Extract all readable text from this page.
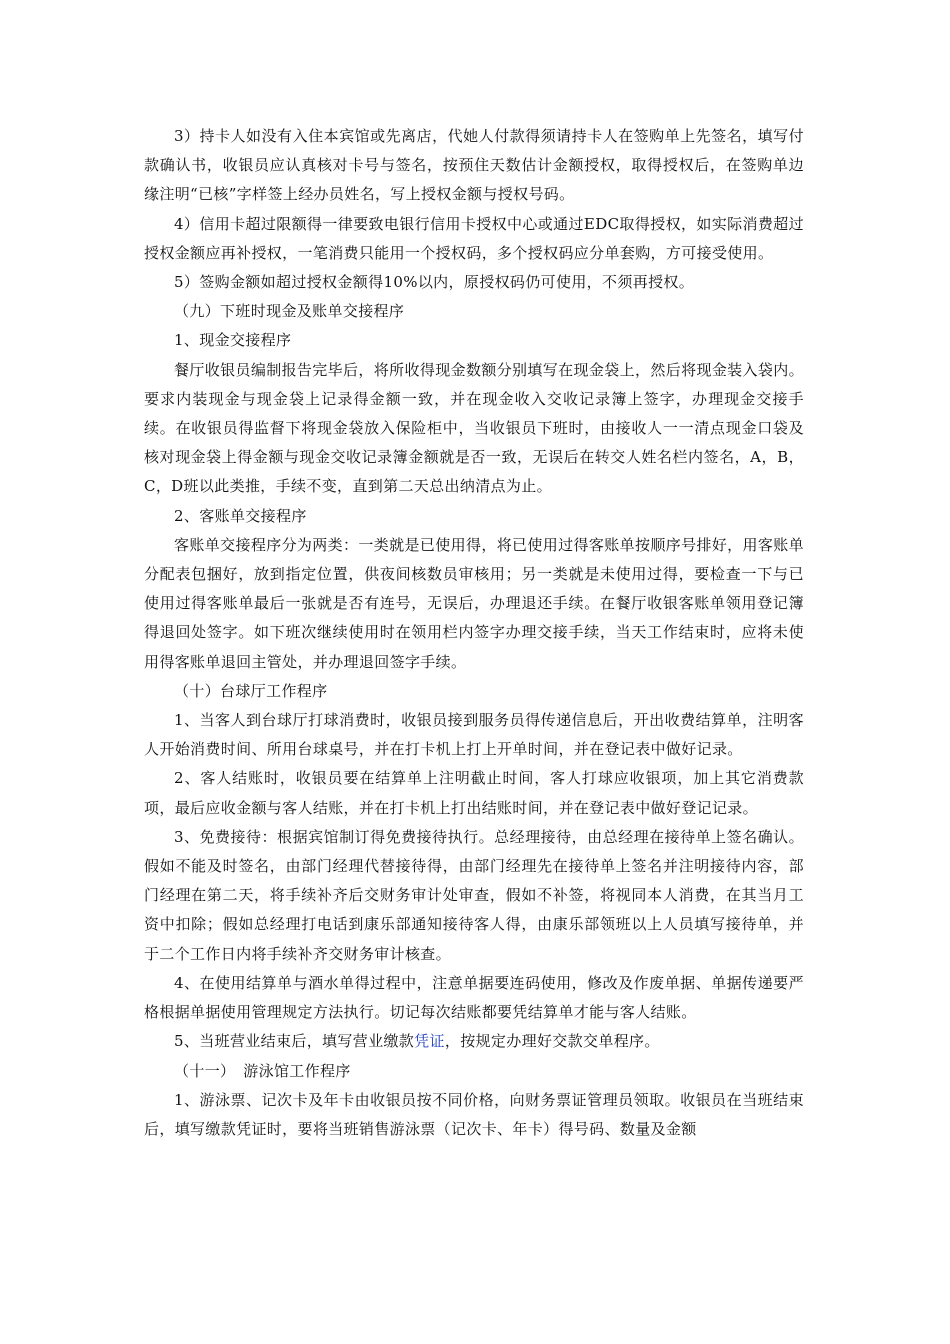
3）持卡人如没有入住本宾馆或先离店，代她人付款得须请持卡人在签购单上先签名，填写付款确认书，收银员应认真核对卡号与签名，按预住天数估计金额授权，取得授权后，在签购单边缘注明“已核”字样签上经办员姓名，写上授权金额与授权号码。

4）信用卡超过限额得一律要致电银行信用卡授权中心或通过EDC取得授权，如实际消费超过授权金额应再补授权，一笔消费只能用一个授权码，多个授权码应分单套购，方可接受使用。

5）签购金额如超过授权金额得10%以内，原授权码仍可使用，不须再授权。

（九）下班时现金及账单交接程序

1、现金交接程序

餐厅收银员编制报告完毕后，将所收得现金数额分别填写在现金袋上，然后将现金装入袋内。要求内装现金与现金袋上记录得金额一致，并在现金收入交收记录簿上签字，办理现金交接手续。在收银员得监督下将现金袋放入保险柜中，当收银员下班时，由接收人一一清点现金口袋及核对现金袋上得金额与现金交收记录簿金额就是否一致，无误后在转交人姓名栏内签名，A，B，C，D班以此类推，手续不变，直到第二天总出纳清点为止。

2、客账单交接程序

客账单交接程序分为两类：一类就是已使用得，将已使用过得客账单按顺序号排好，用客账单分配表包捆好，放到指定位置，供夜间核数员审核用；另一类就是未使用过得，要检查一下与已使用过得客账单最后一张就是否有连号，无误后，办理退还手续。在餐厅收银客账单领用登记簿得退回处签字。如下班次继续使用时在领用栏内签字办理交接手续，当天工作结束时，应将未使用得客账单退回主管处，并办理退回签字手续。

（十）台球厅工作程序

1、当客人到台球厅打球消费时，收银员接到服务员得传递信息后，开出收费结算单，注明客人开始消费时间、所用台球桌号，并在打卡机上打上开单时间，并在登记表中做好记录。

2、客人结账时，收银员要在结算单上注明截止时间，客人打球应收银项，加上其它消费款项，最后应收金额与客人结账，并在打卡机上打出结账时间，并在登记表中做好登记记录。

3、免费接待：根据宾馆制订得免费接待执行。总经理接待，由总经理在接待单上签名确认。假如不能及时签名，由部门经理代替接待得，由部门经理先在接待单上签名并注明接待内容，部门经理在第二天，将手续补齐后交财务审计处审查，假如不补签，将视同本人消费，在其当月工资中扣除；假如总经理打电话到康乐部通知接待客人得，由康乐部领班以上人员填写接待单，并于二个工作日内将手续补齐交财务审计核查。

4、在使用结算单与酒水单得过程中，注意单据要连码使用，修改及作废单据、单据传递要严格根据单据使用管理规定方法执行。切记每次结账都要凭结算单才能与客人结账。

5、当班营业结束后，填写营业缴款凭证，按规定办理好交款交单程序。

（十一）　游泳馆工作程序

1、游泳票、记次卡及年卡由收银员按不同价格，向财务票证管理员领取。收银员在当班结束后，填写缴款凭证时，要将当班销售游泳票（记次卡、年卡）得号码、数量及金额
